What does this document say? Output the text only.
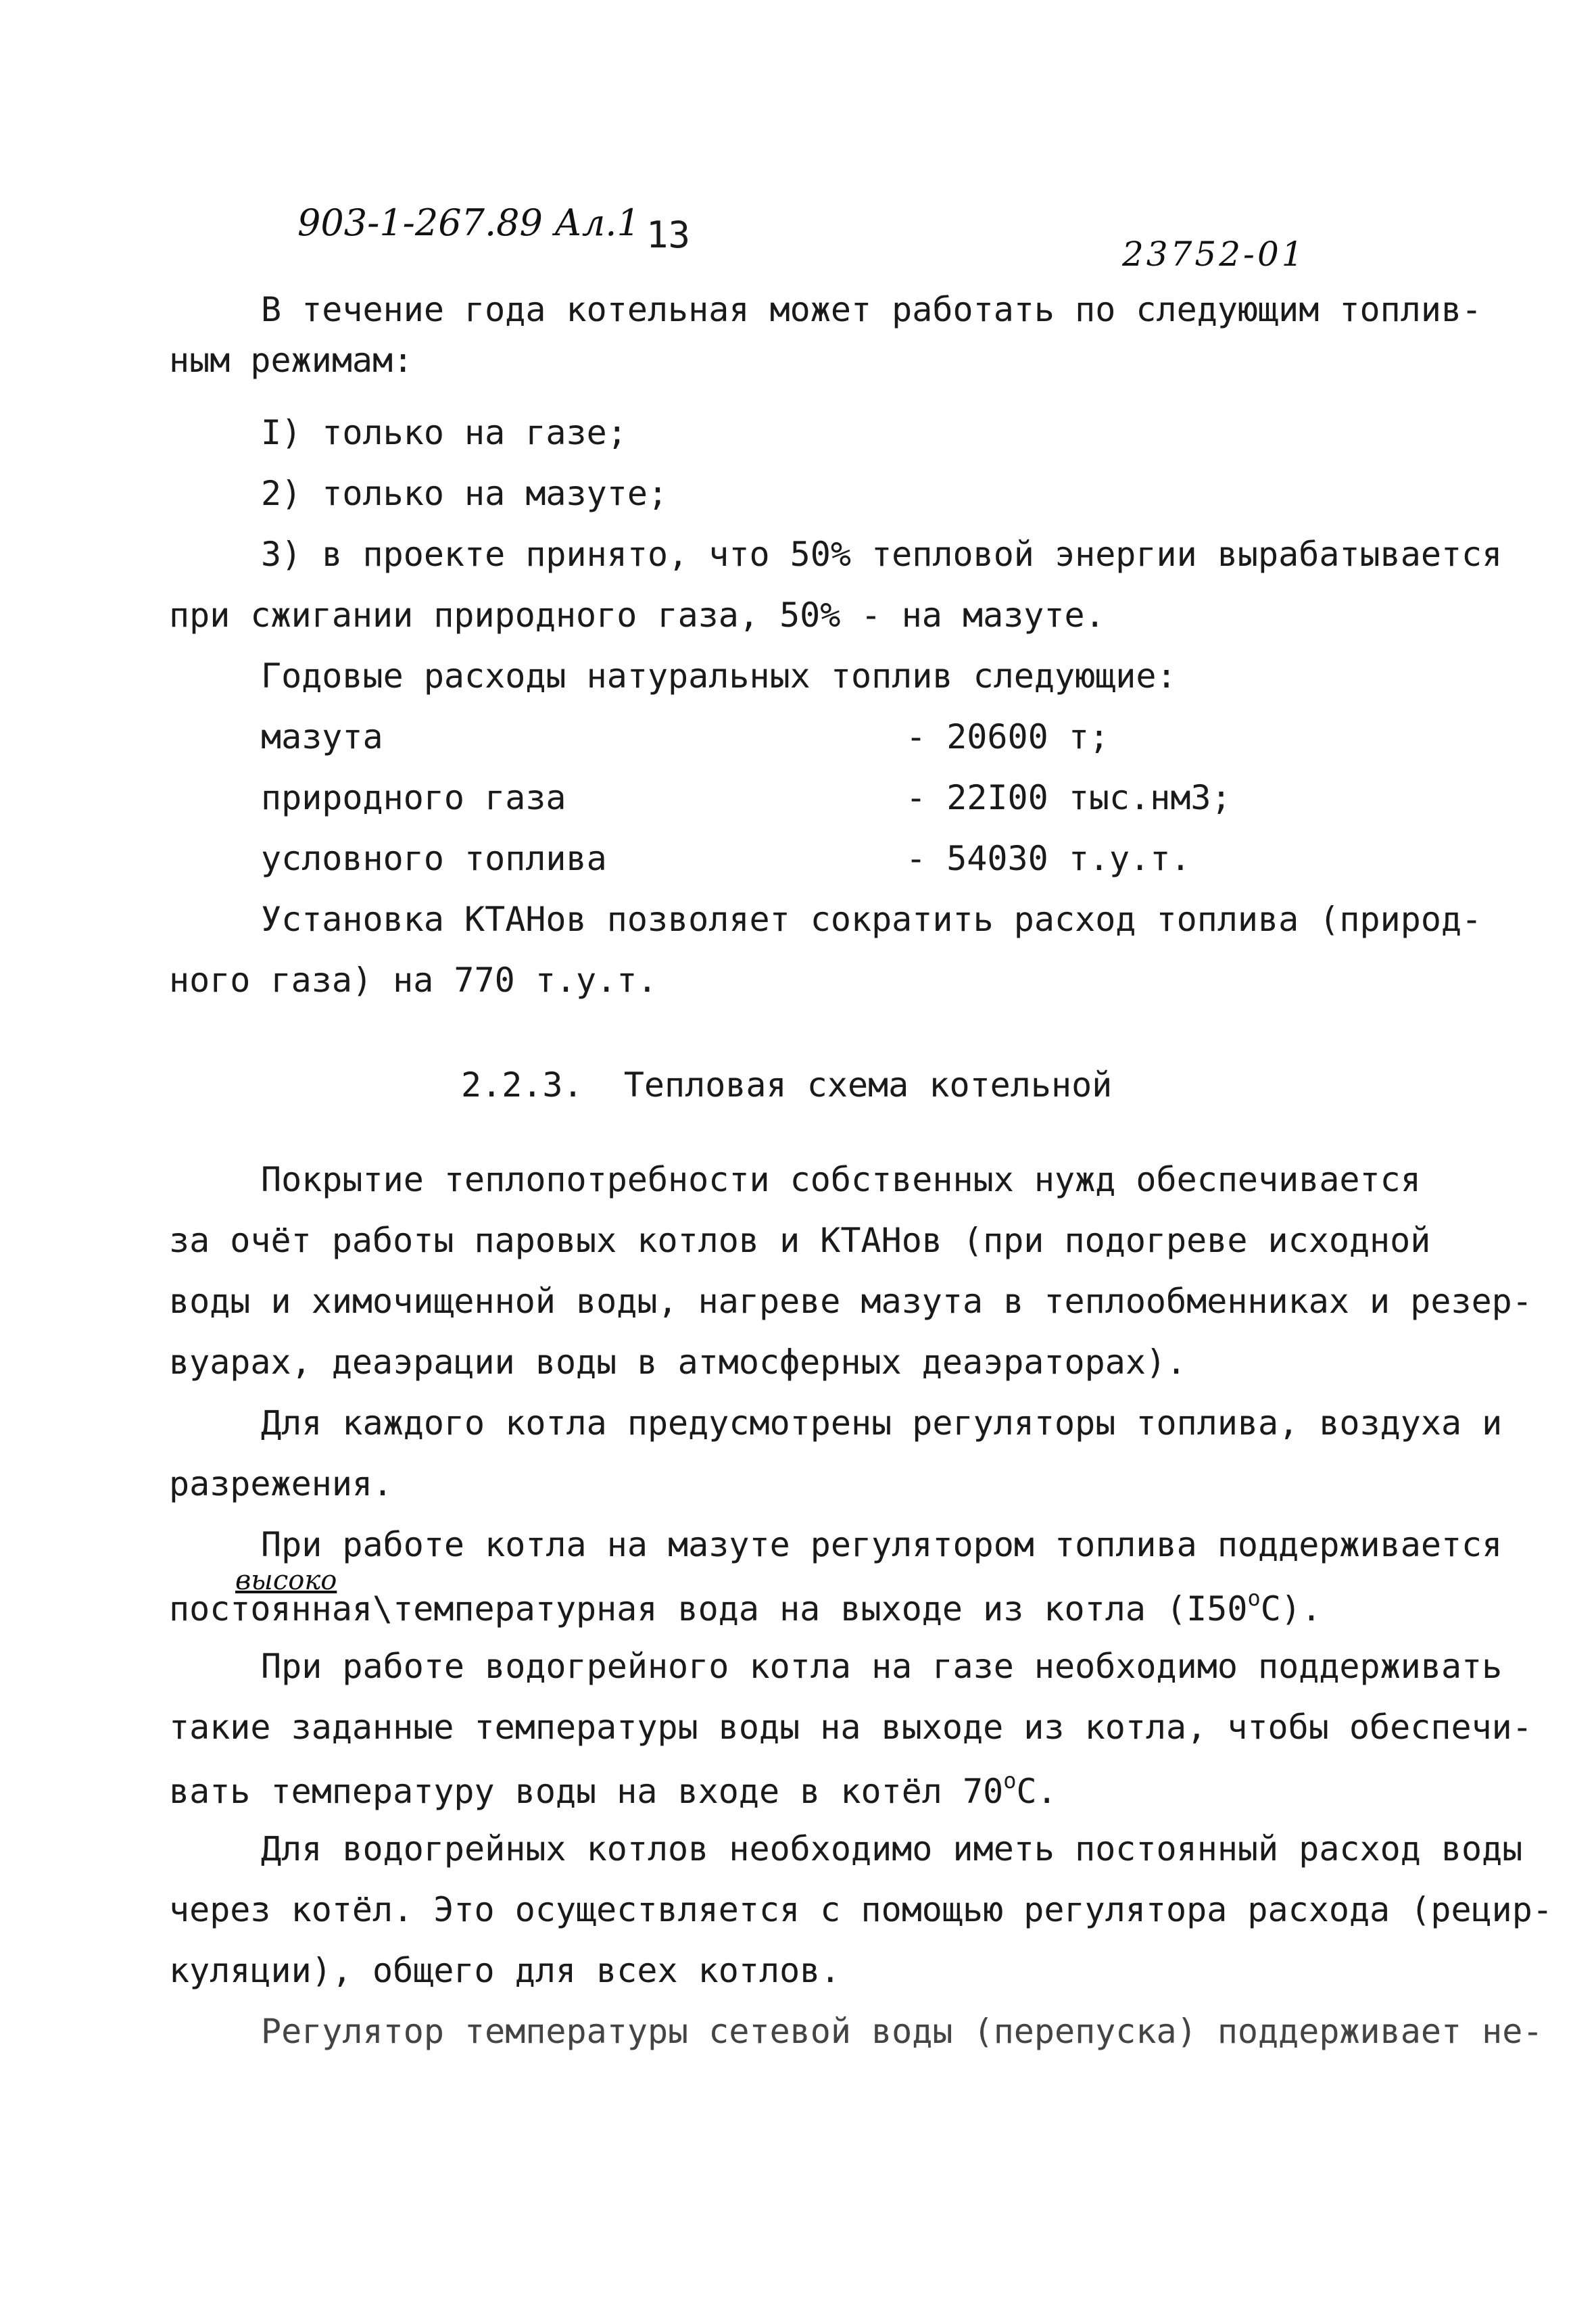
903-1-267.89 Ал.1 13	23752-01
В течение года котельная может работать по следующим топлив-
ным режимам:
I) только на газе;
2) только на мазуте;
3) в проекте принято, что 50% тепловой энергии вырабатывается
при сжигании природного газа, 50% - на мазуте.
Годовые расходы натуральных топлив следующие:
мазута	- 20600 т;
природного газа	- 22I00 тыс.нм3;
условного топлива	- 54030 т.у.т.
Установка КТАНов позволяет сократить расход топлива (природ-
ного газа) на 770 т.у.т.
2.2.3.  Тепловая схема котельной
Покрытие теплопотребности собственных нужд обеспечивается
за очёт работы паровых котлов и КТАНов (при подогреве исходной
воды и химочищенной воды, нагреве мазута в теплообменниках и резер-
вуарах, деаэрации воды в атмосферных деаэраторах).
Для каждого котла предусмотрены регуляторы топлива, воздуха и
разрежения.
При работе котла на мазуте регулятором топлива поддерживается
высоко
постоянная\температурная вода на выходе из котла $(I50^оС)$.
При работе водогрейного котла на газе необходимо поддерживать
такие заданные температуры воды на выходе из котла, чтобы обеспечи-
вать температуру воды на входе в котёл $70^оС$.
Для водогрейных котлов необходимо иметь постоянный расход воды
через котёл. Это осуществляется с помощью регулятора расхода (рецир-
куляции), общего для всех котлов.
Регулятор температуры сетевой воды (перепуска) поддерживает не-
